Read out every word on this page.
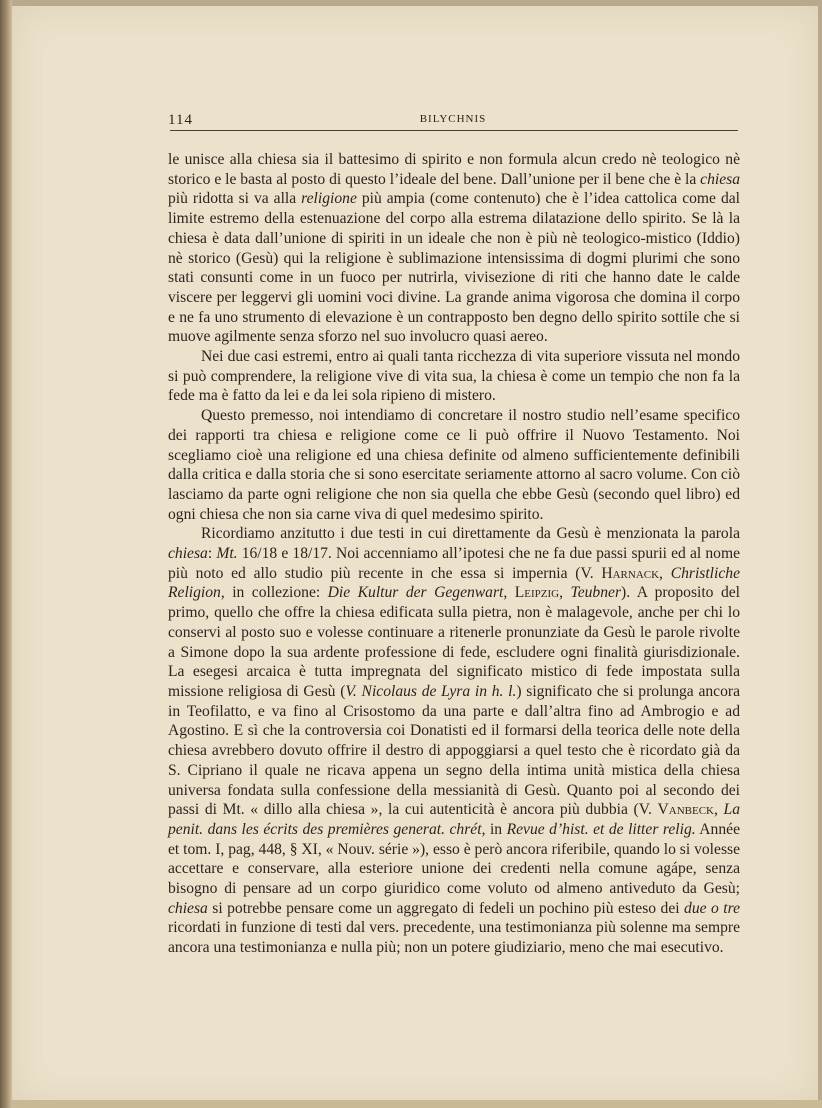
114	BILYCHNIS

le unisce alla chiesa sia il battesimo di spirito e non formula alcun credo nè teologico nè storico e le basta al posto di questo l’ideale del bene. Dall’unione per il bene che è la chiesa più ridotta si va alla religione più ampia (come contenuto) che è l’idea cattolica come dal limite estremo della estenuazione del corpo alla estrema dilatazione dello spirito. Se là la chiesa è data dall’unione di spiriti in un ideale che non è più nè teologico-mistico (Iddio) nè storico (Gesù) qui la religione è sublimazione intensissima di dogmi plurimi che sono stati consunti come in un fuoco per nutrirla, vivisezione di riti che hanno date le calde viscere per leggervi gli uomini voci divine. La grande anima vigorosa che domina il corpo e ne fa uno strumento di elevazione è un contrapposto ben degno dello spirito sottile che si muove agilmente senza sforzo nel suo involucro quasi aereo.

Nei due casi estremi, entro ai quali tanta ricchezza di vita superiore vissuta nel mondo si può comprendere, la religione vive di vita sua, la chiesa è come un tempio che non fa la fede ma è fatto da lei e da lei sola ripieno di mistero.

Questo premesso, noi intendiamo di concretare il nostro studio nell’esame specifico dei rapporti tra chiesa e religione come ce li può offrire il Nuovo Testamento. Noi scegliamo cioè una religione ed una chiesa definite od almeno sufficientemente definibili dalla critica e dalla storia che si sono esercitate seriamente attorno al sacro volume. Con ciò lasciamo da parte ogni religione che non sia quella che ebbe Gesù (secondo quel libro) ed ogni chiesa che non sia carne viva di quel medesimo spirito.

Ricordiamo anzitutto i due testi in cui direttamente da Gesù è menzionata la parola chiesa: Mt. 16/18 e 18/17. Noi accenniamo all’ipotesi che ne fa due passi spurii ed al nome più noto ed allo studio più recente in che essa si impernia (V. Harnack, Christliche Religion, in collezione: Die Kultur der Gegenwart, Leipzig, Teubner). A proposito del primo, quello che offre la chiesa edificata sulla pietra, non è malagevole, anche per chi lo conservi al posto suo e volesse continuare a ritenerle pronunziate da Gesù le parole rivolte a Simone dopo la sua ardente professione di fede, escludere ogni finalità giurisdizionale. La esegesi arcaica è tutta impregnata del significato mistico di fede impostata sulla missione religiosa di Gesù (V. Nicolaus de Lyra in h. l.) significato che si prolunga ancora in Teofilatto, e va fino al Crisostomo da una parte e dall’altra fino ad Ambrogio e ad Agostino. E sì che la controversia coi Donatisti ed il formarsi della teorica delle note della chiesa avrebbero dovuto offrire il destro di appoggiarsi a quel testo che è ricordato già da S. Cipriano il quale ne ricava appena un segno della intima unità mistica della chiesa universa fondata sulla confessione della messianità di Gesù. Quanto poi al secondo dei passi di Mt. « dillo alla chiesa », la cui autenticità è ancora più dubbia (V. Vanbeck, La penit. dans les écrits des premières generat. chrét, in Revue d’hist. et de litter relig. Année et tom. I, pag, 448, § XI, « Nouv. série »), esso è però ancora riferibile, quando lo si volesse accettare e conservare, alla esteriore unione dei credenti nella comune agápe, senza bisogno di pensare ad un corpo giuridico come voluto od almeno antiveduto da Gesù; chiesa si potrebbe pensare come un aggregato di fedeli un pochino più esteso dei due o tre ricordati in funzione di testi dal vers. precedente, una testimonianza più solenne ma sempre ancora una testimonianza e nulla più; non un potere giudiziario, meno che mai esecutivo.
